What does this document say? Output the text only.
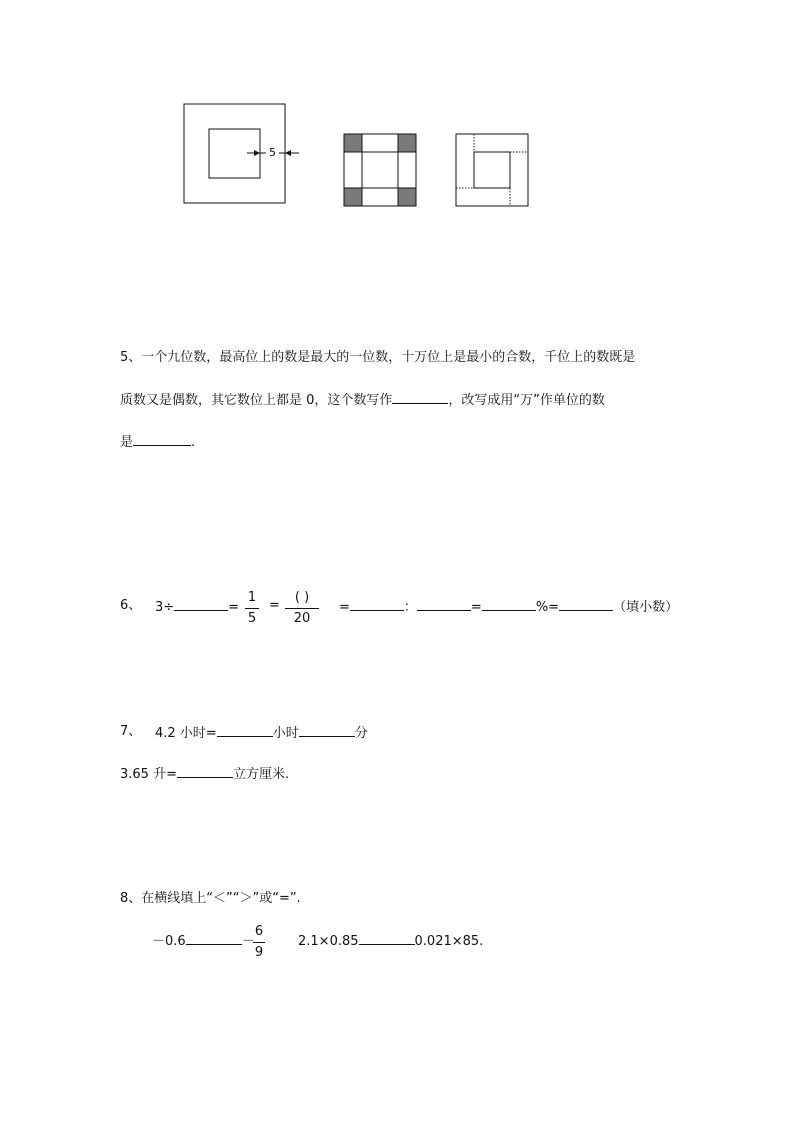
5
5、一个九位数，最高位上的数是最大的一位数，十万位上是最小的合数，千位上的数既是
质数又是偶数，其它数位上都是 0，这个数写作	，改写成用“万”作单位的数
是	.
6、 3÷	=
1
5
=
( )
20
=	：	=	%=	（填小数）
7、 4.2 小时=	小时	分
3.65 升=	立方厘米.
8、在横线填上“＜”“＞”或“=”.
－0.6	－
6
9
2.1×0.85	0.021×85.
